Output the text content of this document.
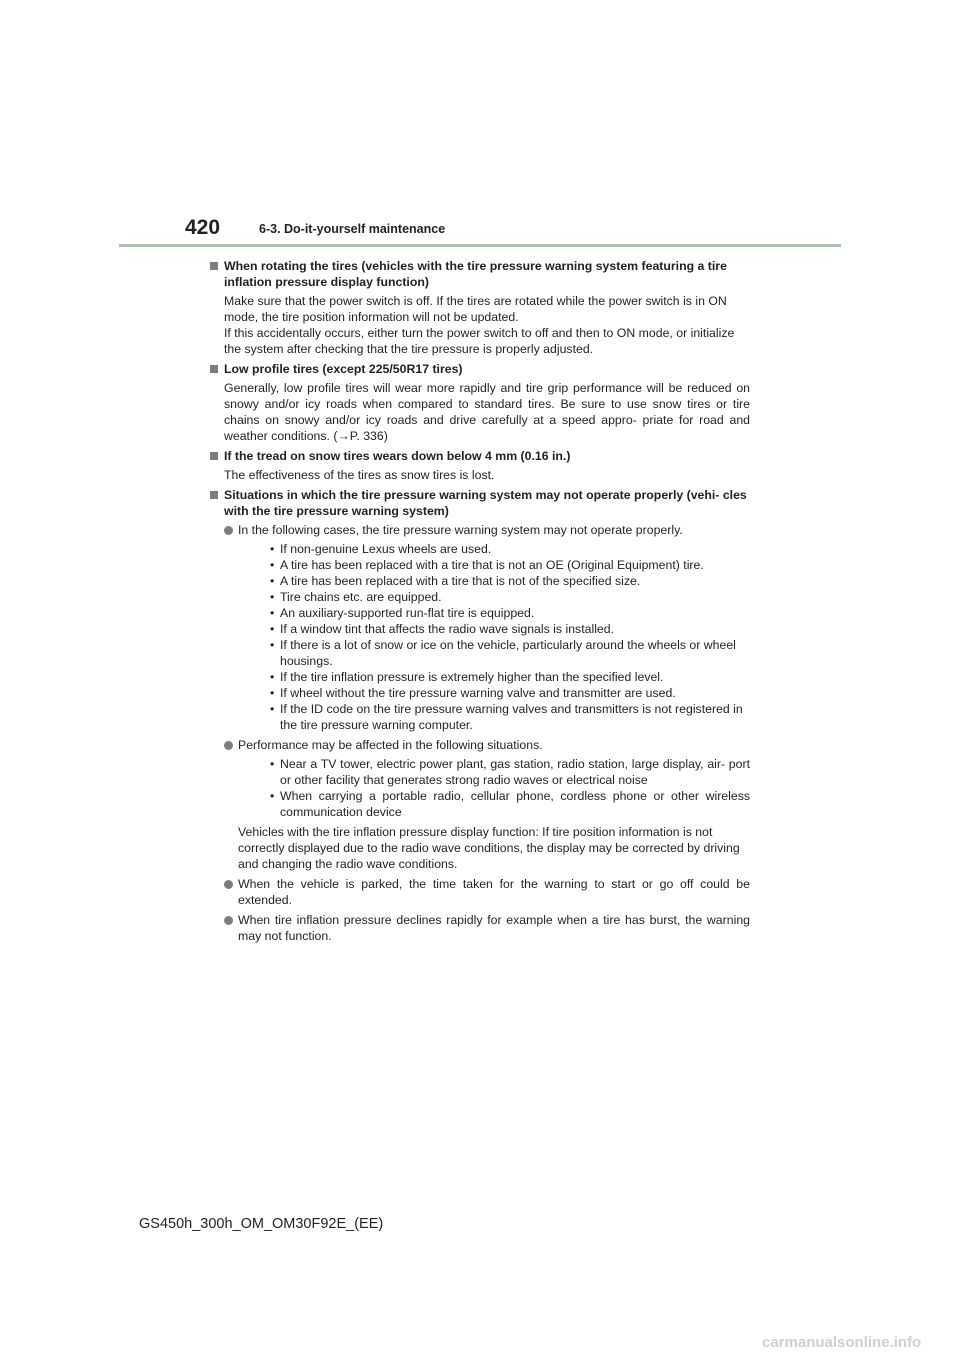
420	6-3. Do-it-yourself maintenance
When rotating the tires (vehicles with the tire pressure warning system featuring a tire inflation pressure display function)
Make sure that the power switch is off. If the tires are rotated while the power switch is in ON mode, the tire position information will not be updated.
If this accidentally occurs, either turn the power switch to off and then to ON mode, or initialize the system after checking that the tire pressure is properly adjusted.
Low profile tires (except 225/50R17 tires)
Generally, low profile tires will wear more rapidly and tire grip performance will be reduced on snowy and/or icy roads when compared to standard tires. Be sure to use snow tires or tire chains on snowy and/or icy roads and drive carefully at a speed appro- priate for road and weather conditions. (→P. 336)
If the tread on snow tires wears down below 4 mm (0.16 in.)
The effectiveness of the tires as snow tires is lost.
Situations in which the tire pressure warning system may not operate properly (vehi- cles with the tire pressure warning system)
In the following cases, the tire pressure warning system may not operate properly.
• If non-genuine Lexus wheels are used.
• A tire has been replaced with a tire that is not an OE (Original Equipment) tire.
• A tire has been replaced with a tire that is not of the specified size.
• Tire chains etc. are equipped.
• An auxiliary-supported run-flat tire is equipped.
• If a window tint that affects the radio wave signals is installed.
• If there is a lot of snow or ice on the vehicle, particularly around the wheels or wheel housings.
• If the tire inflation pressure is extremely higher than the specified level.
• If wheel without the tire pressure warning valve and transmitter are used.
• If the ID code on the tire pressure warning valves and transmitters is not registered in the tire pressure warning computer.
Performance may be affected in the following situations.
• Near a TV tower, electric power plant, gas station, radio station, large display, air- port or other facility that generates strong radio waves or electrical noise
• When carrying a portable radio, cellular phone, cordless phone or other wireless communication device
Vehicles with the tire inflation pressure display function: If tire position information is not correctly displayed due to the radio wave conditions, the display may be corrected by driving and changing the radio wave conditions.
When the vehicle is parked, the time taken for the warning to start or go off could be extended.
When tire inflation pressure declines rapidly for example when a tire has burst, the warning may not function.
GS450h_300h_OM_OM30F92E_(EE)
carmanualsonline.info
